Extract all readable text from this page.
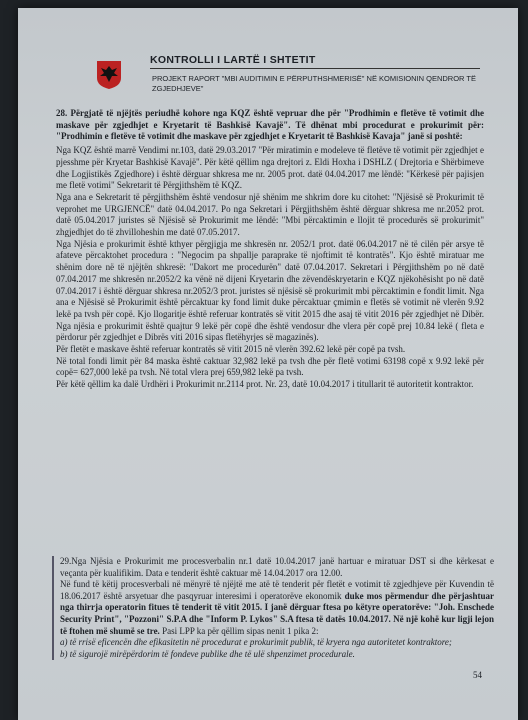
KONTROLLI I LARTË I SHTETIT
PROJEKT RAPORT "MBI AUDITIMIN E PËRPUTHSHMERISË" NË KOMISIONIN QENDROR TË ZGJEDHJEVE"

28. Përgjatë të njëjtës periudhë kohore nga KQZ është vepruar dhe për "Prodhimin e fletëve të votimit dhe maskave për zgjedhjet e Kryetarit të Bashkisë Kavajë". Të dhënat mbi procedurat e prokurimit për: "Prodhimin e fletëve të votimit dhe maskave për zgjedhjet e Kryetarit të Bashkisë Kavaja" janë si poshtë:

Nga KQZ është marrë Vendimi nr.103, datë 29.03.2017 "Për miratimin e modeleve të fletëve të votimit për zgjedhjet e pjesshme për Kryetar Bashkisë Kavajë". Për këtë qëllim nga drejtori z. Eldi Hoxha i DSHLZ ( Drejtoria e Shërbimeve dhe Logjistikës Zgjedhore) i është dërguar shkresa me nr. 2005 prot. datë 04.04.2017 me lëndë: "Kërkesë për pajisjen me fletë votimi" Sekretarit të Përgjithshëm të KQZ.

Nga ana e Sekretarit të përgjithshëm është vendosur një shënim me shkrim dore ku citohet: "Njësisë së Prokurimit të veprohet me URGJENCË" datë 04.04.2017. Po nga Sekretari i Përgjithshëm është dërguar shkresa me nr.2052 prot. datë 05.04.2017 juristes së Njësisë së Prokurimit me lëndë: "Mbi përcaktimin e llojit të procedurës së prokurimit" zhgjedhjet do të zhvilloheshin me datë 07.05.2017.

Nga Njësia e prokurimit është kthyer përgjigja me shkresën nr. 2052/1 prot. datë 06.04.2017 në të cilën për arsye të afateve përcaktohet procedura : "Negocim pa shpallje paraprake të njoftimit të kontratës". Kjo është miratuar me shënim dore në të njëjtën shkresë: "Dakort me procedurën" datë 07.04.2017. Sekretari i Përgjithshëm po në datë 07.04.2017 me shkresën nr.2052/2 ka vënë në dijeni Kryetarin dhe zëvendëskryetarin e KQZ njëkohësisht po në datë 07.04.2017 i është dërguar shkresa nr.2052/3 prot. juristes së njësisë së prokurimit mbi përcaktimin e fondit limit. Nga ana e Njësisë së Prokurimit është përcaktuar ky fond limit duke përcaktuar çmimin e fletës së votimit në vlerën 9.92 lekë pa tvsh për copë. Kjo llogaritje është referuar kontratës së vitit 2015 dhe asaj të vitit 2016 për zgjedhjet në Dibër. Nga njësia e prokurimit është quajtur 9 lekë për copë dhe është vendosur dhe vlera për copë prej 10.84 lekë ( fleta e përdorur për zgjedhjet e Dibrës viti 2016 sipas fletëhyrjes së magazinës).

Për fletët e maskave është referuar kontratës së vitit 2015 në vlerën 392.62 lekë për copë pa tvsh.

Në total fondi limit për 84 maska është caktuar 32,982 lekë pa tvsh dhe për fletë votimi 63198 copë x 9.92 lekë për copë= 627,000 lekë pa tvsh. Në total vlera prej 659,982 lekë pa tvsh.

Për këtë qëllim ka dalë Urdhëri i Prokurimit nr.2114 prot. Nr. 23, datë 10.04.2017 i titullarit të autoritetit kontraktor.

29.Nga Njësia e Prokurimit me procesverbalin nr.1 datë 10.04.2017 janë hartuar e miratuar DST si dhe kërkesat e veçanta për kualifikim. Data e tenderit është caktuar më 14.04.2017 ora 12.00.

Në fund të këtij procesverbali në mënyrë të njëjtë me atë të tenderit për fletët e votimit të zgjedhjeve për Kuvendin të 18.06.2017 është arsyetuar dhe pasqyruar interesimi i operatorëve ekonomik duke mos përmendur dhe përjashtuar nga thirrja operatorin fitues të tenderit të vitit 2015. I janë dërguar ftesa po këtyre operatorëve: "Joh. Enschede Security Print", "Pozzoni" S.P.A dhe "Inform P. Lykos" S.A ftesa të datës 10.04.2017. Në një kohë kur ligji lejon të ftohen më shumë se tre. Pasi LPP ka për qëllim sipas nenit 1 pika 2:

a) të rrisë eficencën dhe efikasitetin në procedurat e prokurimit publik, të kryera nga autoritetet kontraktore;

b) të sigurojë mirëpërdorim të fondeve publike dhe të ulë shpenzimet procedurale.

54
